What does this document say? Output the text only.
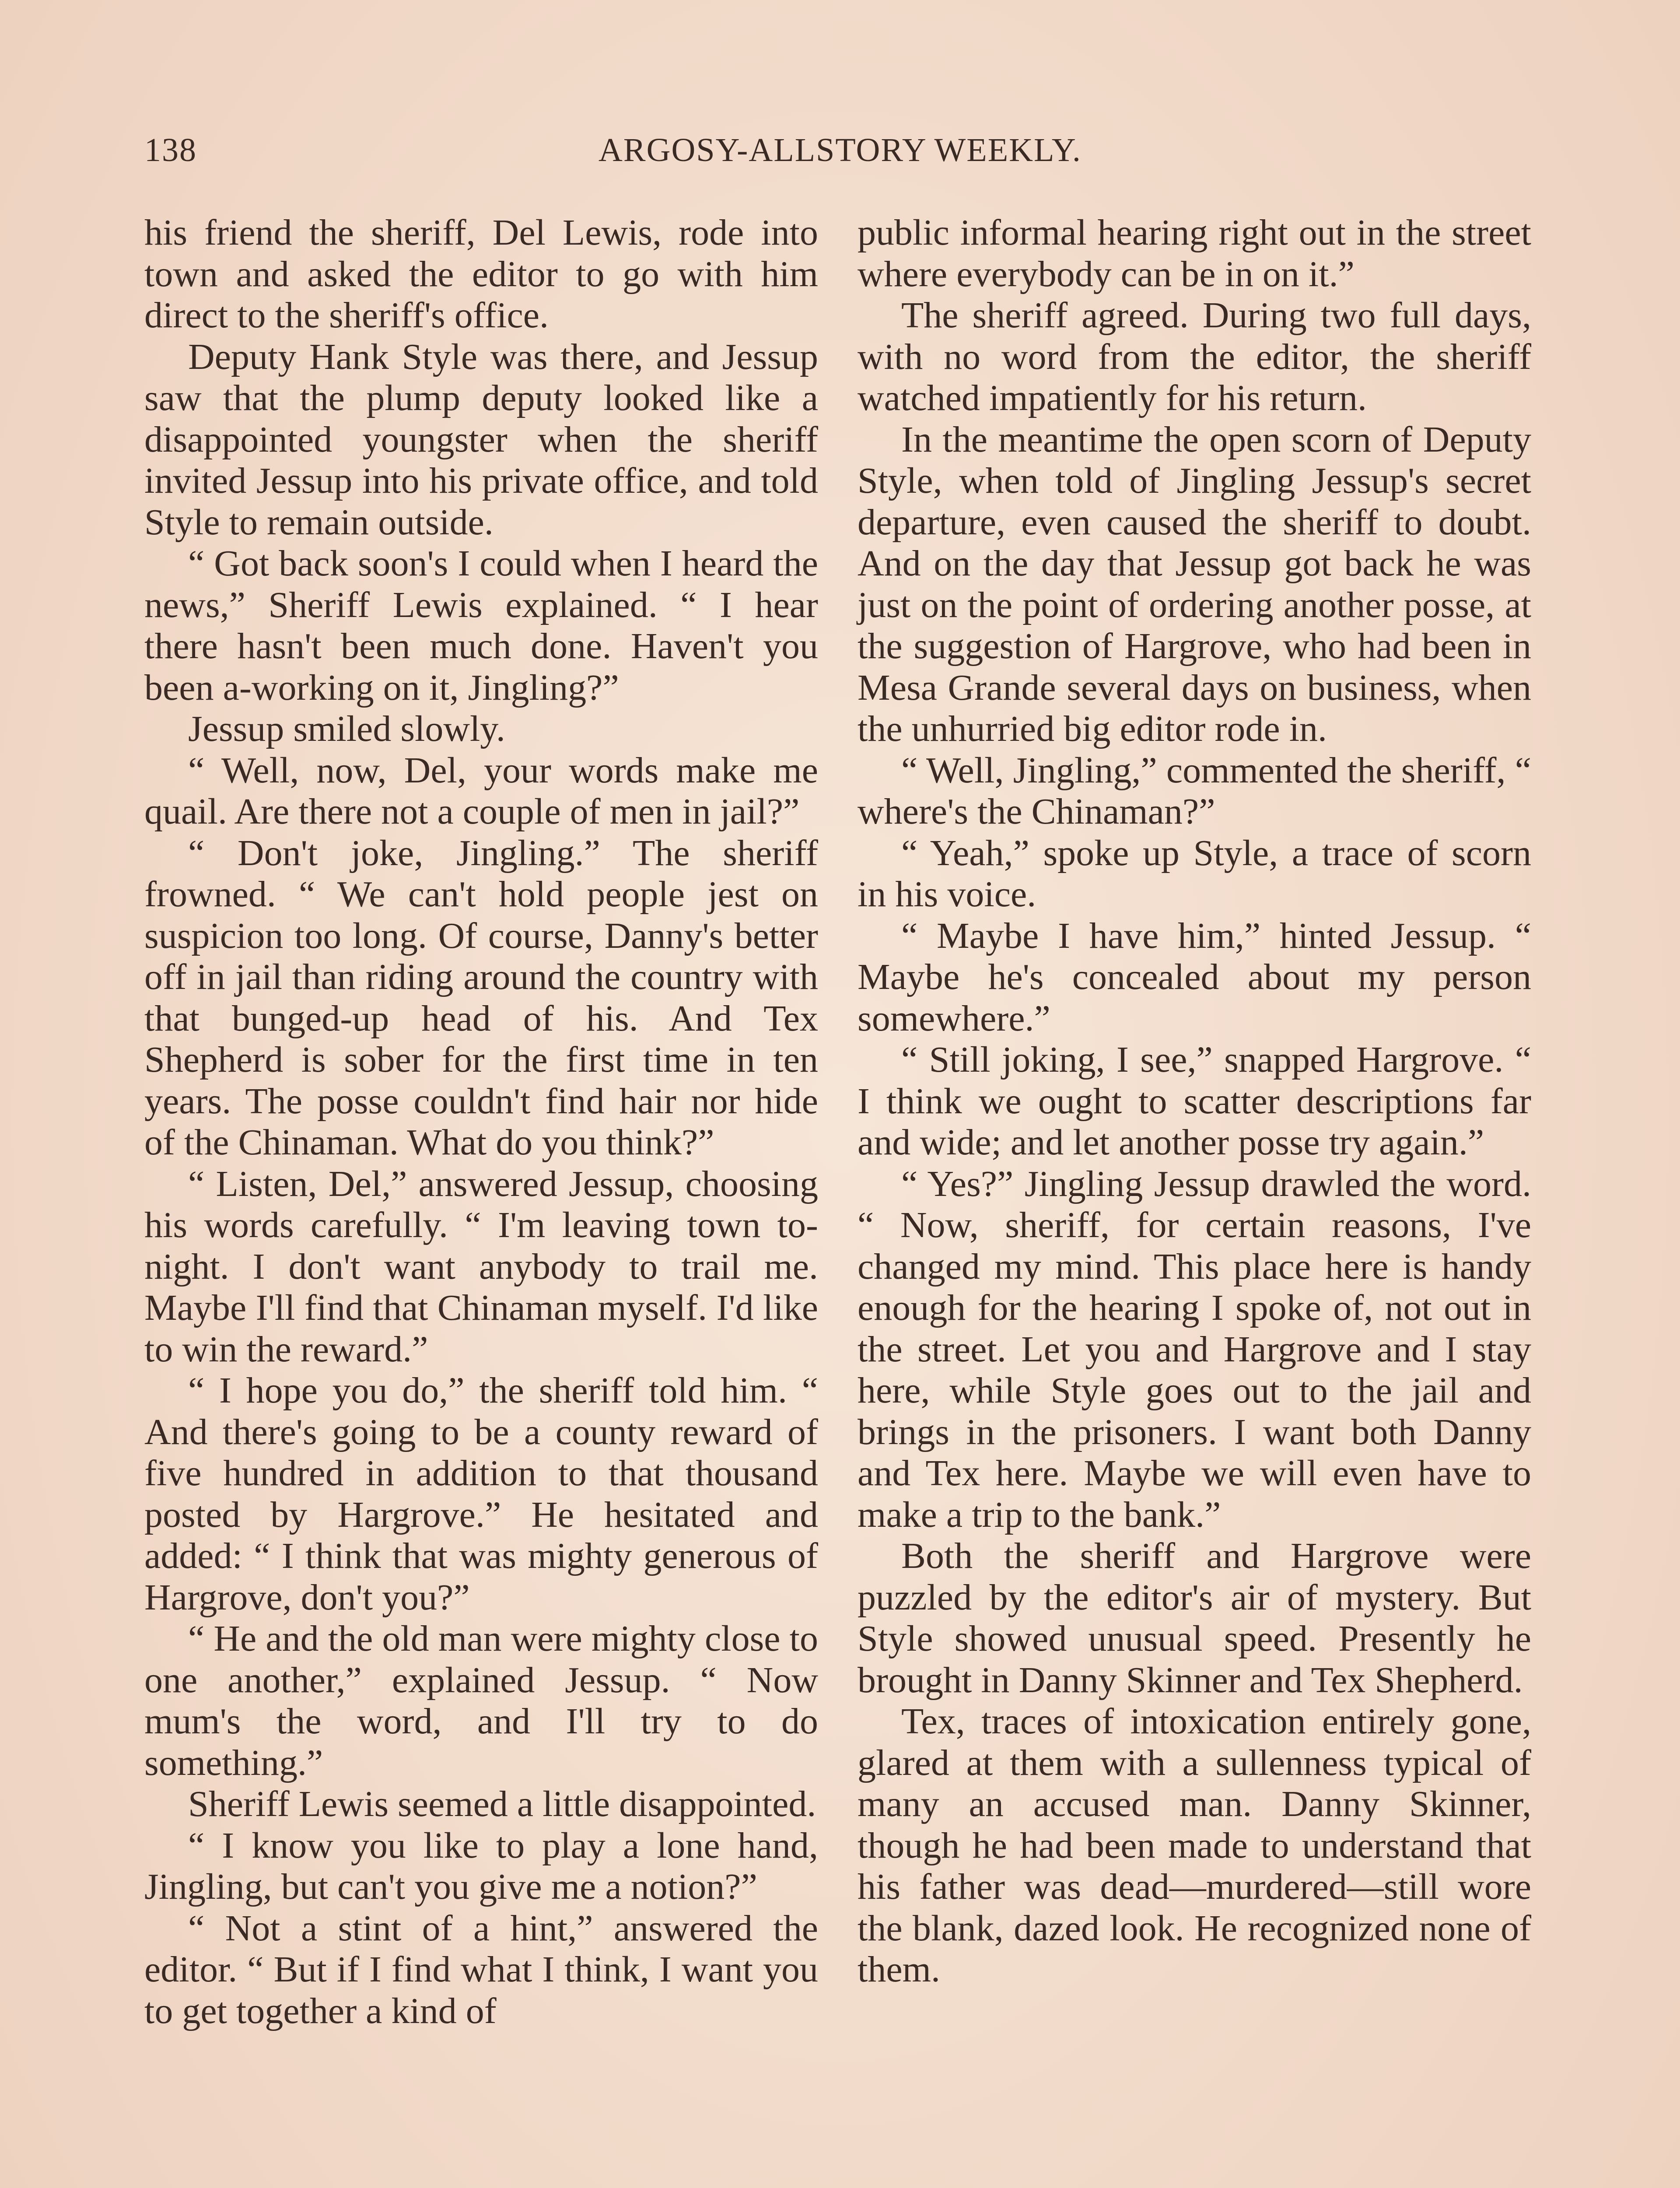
138	ARGOSY-ALLSTORY WEEKLY.

his friend the sheriff, Del Lewis, rode into town and asked the editor to go with him direct to the sheriff's office.

Deputy Hank Style was there, and Jessup saw that the plump deputy looked like a disappointed youngster when the sheriff invited Jessup into his private office, and told Style to remain outside.

“ Got back soon's I could when I heard the news,” Sheriff Lewis explained. “ I hear there hasn't been much done. Haven't you been a-working on it, Jingling?”

Jessup smiled slowly.

“ Well, now, Del, your words make me quail. Are there not a couple of men in jail?”

“ Don't joke, Jingling.” The sheriff frowned. “ We can't hold people jest on suspicion too long. Of course, Danny's better off in jail than riding around the country with that bunged-up head of his. And Tex Shepherd is sober for the first time in ten years. The posse couldn't find hair nor hide of the Chinaman. What do you think?”

“ Listen, Del,” answered Jessup, choosing his words carefully. “ I'm leaving town to-night. I don't want anybody to trail me. Maybe I'll find that Chinaman myself. I'd like to win the reward.”

“ I hope you do,” the sheriff told him. “ And there's going to be a county reward of five hundred in addition to that thousand posted by Hargrove.” He hesitated and added: “ I think that was mighty generous of Hargrove, don't you?”

“ He and the old man were mighty close to one another,” explained Jessup. “ Now mum's the word, and I'll try to do something.”

Sheriff Lewis seemed a little disappointed.

“ I know you like to play a lone hand, Jingling, but can't you give me a notion?”

“ Not a stint of a hint,” answered the editor. “ But if I find what I think, I want you to get together a kind of

public informal hearing right out in the street where everybody can be in on it.”

The sheriff agreed. During two full days, with no word from the editor, the sheriff watched impatiently for his return.

In the meantime the open scorn of Deputy Style, when told of Jingling Jessup's secret departure, even caused the sheriff to doubt. And on the day that Jessup got back he was just on the point of ordering another posse, at the suggestion of Hargrove, who had been in Mesa Grande several days on business, when the unhurried big editor rode in.

“ Well, Jingling,” commented the sheriff, “ where's the Chinaman?”

“ Yeah,” spoke up Style, a trace of scorn in his voice.

“ Maybe I have him,” hinted Jessup. “ Maybe he's concealed about my person somewhere.”

“ Still joking, I see,” snapped Hargrove. “ I think we ought to scatter descriptions far and wide; and let another posse try again.”

“ Yes?” Jingling Jessup drawled the word. “ Now, sheriff, for certain reasons, I've changed my mind. This place here is handy enough for the hearing I spoke of, not out in the street. Let you and Hargrove and I stay here, while Style goes out to the jail and brings in the prisoners. I want both Danny and Tex here. Maybe we will even have to make a trip to the bank.”

Both the sheriff and Hargrove were puzzled by the editor's air of mystery. But Style showed unusual speed. Presently he brought in Danny Skinner and Tex Shepherd.

Tex, traces of intoxication entirely gone, glared at them with a sullenness typical of many an accused man. Danny Skinner, though he had been made to understand that his father was dead—murdered—still wore the blank, dazed look. He recognized none of them.
